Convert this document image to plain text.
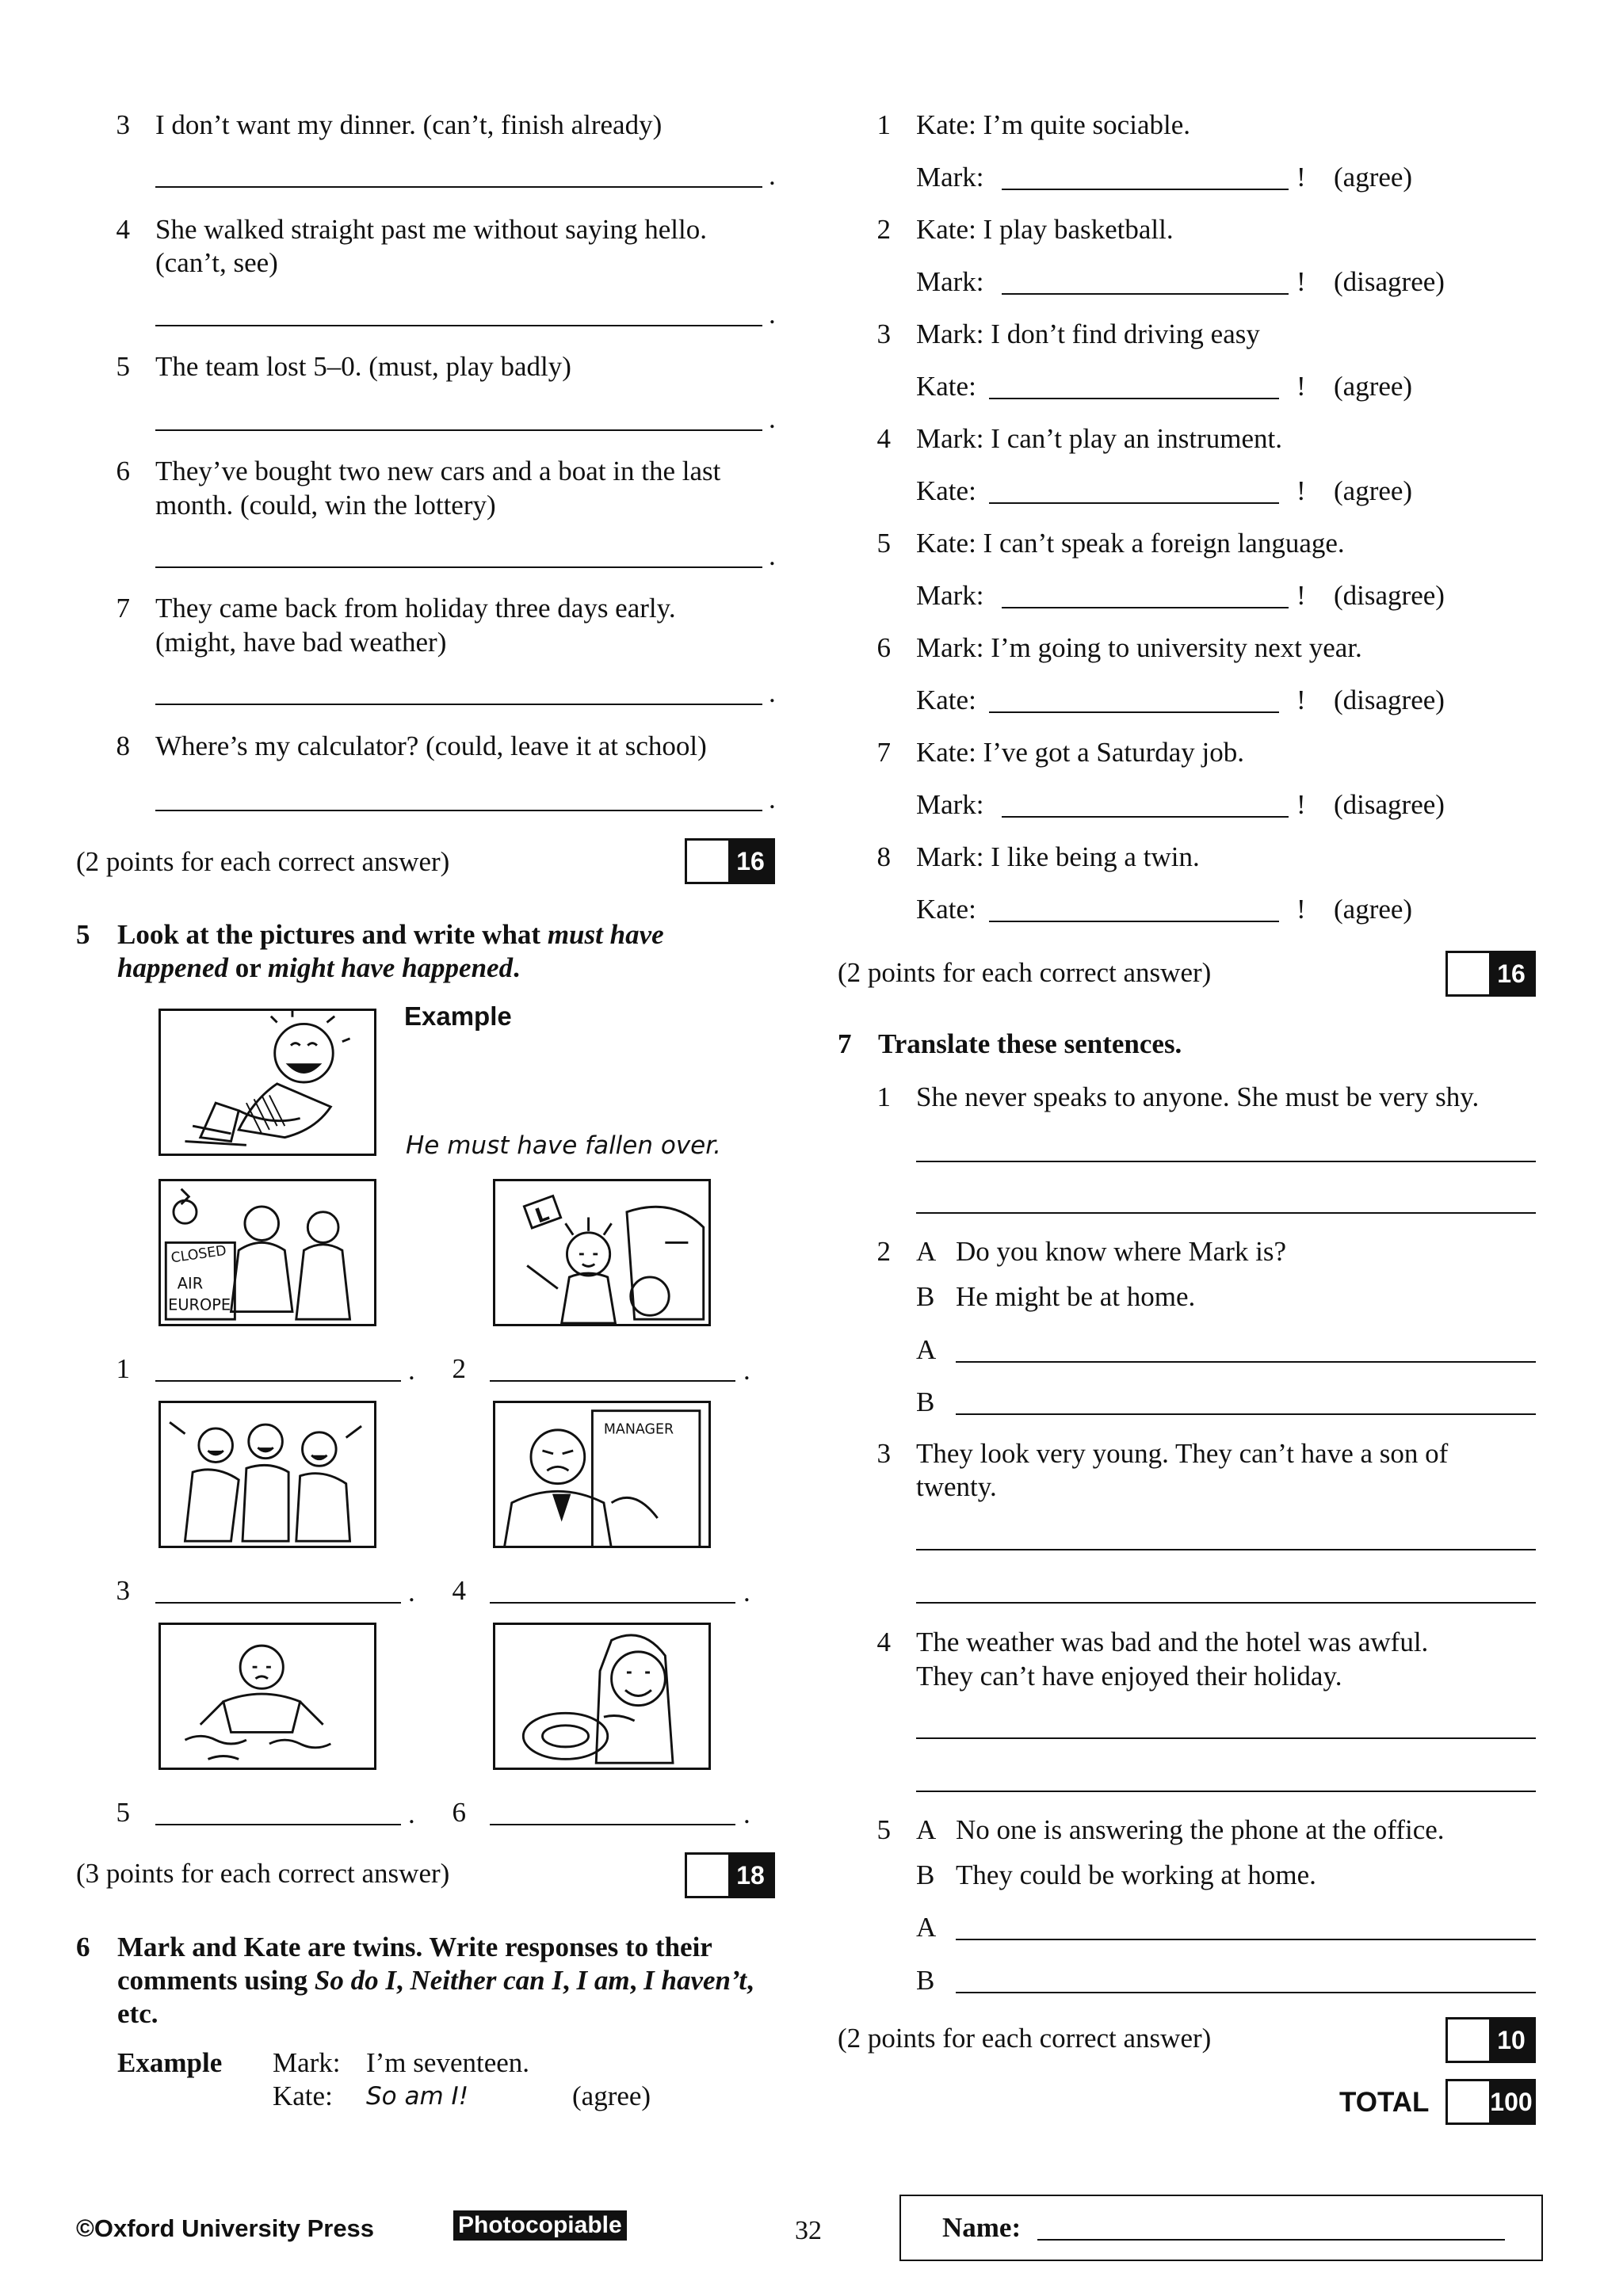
3 I don’t want my dinner. (can’t, finish already)
.
4 She walked straight past me without saying hello.
(can’t, see)
.
5 The team lost 5–0. (must, play badly)
.
6 They’ve bought two new cars and a boat in the last
month. (could, win the lottery)
.
7 They came back from holiday three days early.
(might, have bad weather)
.
8 Where’s my calculator? (could, leave it at school)
.
(2 points for each correct answer)	16
5 Look at the pictures and write what must have
happened or might have happened.
Example
He must have fallen over.
CLOSED
AIR
EUROPE
L
1	.	2	.
MANAGER
3	.	4	.
5	.	6	.
(3 points for each correct answer)	18
6 Mark and Kate are twins. Write responses to their
comments using So do I, Neither can I, I am, I haven’t,
etc.
Example Mark: I’m seventeen.
Kate: So am I!	(agree)
1 Kate: I’m quite sociable.
Mark:	! (agree)
2 Kate: I play basketball.
Mark:	! (disagree)
3 Mark: I don’t find driving easy
Kate:	! (agree)
4 Mark: I can’t play an instrument.
Kate:	! (agree)
5 Kate: I can’t speak a foreign language.
Mark:	! (disagree)
6 Mark: I’m going to university next year.
Kate:	! (disagree)
7 Kate: I’ve got a Saturday job.
Mark:	! (disagree)
8 Mark: I like being a twin.
Kate:	! (agree)
(2 points for each correct answer)	16
7 Translate these sentences.
1 She never speaks to anyone. She must be very shy.
2 A Do you know where Mark is?
B He might be at home.
A
B
3 They look very young. They can’t have a son of
twenty.
4 The weather was bad and the hotel was awful.
They can’t have enjoyed their holiday.
5 A No one is answering the phone at the office.
B They could be working at home.
A
B
(2 points for each correct answer)	10
TOTAL 100
©Oxford University Press	Photocopiable	32	Name:
